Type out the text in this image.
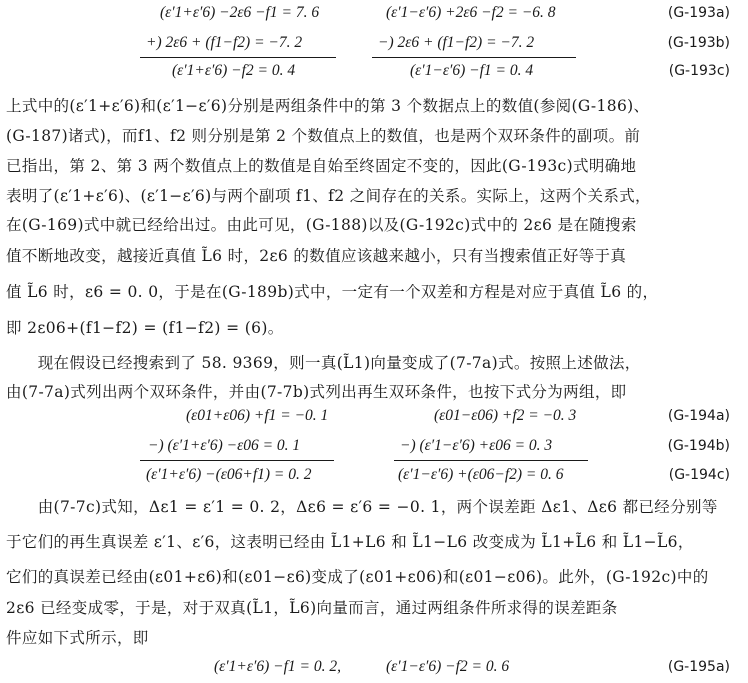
(ε′1+ε′6) −2ε6 −f1 = 7. 6	(ε′1−ε′6) +2ε6 −f2 = −6. 8	(G-193a)
+) 2ε6 + (f1−f2) = −7. 2	−) 2ε6 + (f1−f2) = −7. 2	(G-193b)
(ε′1+ε′6) −f2 = 0. 4	(ε′1−ε′6) −f1 = 0. 4	(G-193c)
上式中的(ε′1+ε′6)和(ε′1−ε′6)分别是两组条件中的第 3 个数据点上的数值(参阅(G-186)、
(G-187)诸式)，而f1、f2 则分别是第 2 个数值点上的数值，也是两个双环条件的副项。前
已指出，第 2、第 3 两个数值点上的数值是自始至终固定不变的，因此(G-193c)式明确地
表明了(ε′1+ε′6)、(ε′1−ε′6)与两个副项 f1、f2 之间存在的关系。实际上，这两个关系式，
在(G-169)式中就已经给出过。由此可见，(G-188)以及(G-192c)式中的 2ε6 是在随搜索
值不断地改变，越接近真值 L̃6 时，2ε6 的数值应该越来越小，只有当搜索值正好等于真
值 L̃6 时，ε6 = 0. 0，于是在(G-189b)式中，一定有一个双差和方程是对应于真值 L̃6 的，
即 2ε06+(f1−f2) = (f1−f2) = (6)。
　　现在假设已经搜索到了 58. 9369，则一真(L̃1)向量变成了(7-7a)式。按照上述做法，
由(7-7a)式列出两个双环条件，并由(7-7b)式列出再生双环条件，也按下式分为两组，即
(ε01+ε06) +f1 = −0. 1	(ε01−ε06) +f2 = −0. 3	(G-194a)
−) (ε′1+ε′6) −ε06 = 0. 1	−) (ε′1−ε′6) +ε06 = 0. 3	(G-194b)
(ε′1+ε′6) −(ε06+f1) = 0. 2	(ε′1−ε′6) +(ε06−f2) = 0. 6	(G-194c)
　　由(7-7c)式知，Δε1 = ε′1 = 0. 2，Δε6 = ε′6 = −0. 1，两个误差距 Δε1、Δε6 都已经分别等
于它们的再生真误差 ε′1、ε′6，这表明已经由 L̃1+L6 和 L̃1−L6 改变成为 L̃1+L̃6 和 L̃1−L̃6，
它们的真误差已经由(ε01+ε6)和(ε01−ε6)变成了(ε01+ε06)和(ε01−ε06)。此外，(G-192c)中的
2ε6 已经变成零，于是，对于双真(L̃1，L̃6)向量而言，通过两组条件所求得的误差距条
件应如下式所示，即
(ε′1+ε′6) −f1 = 0. 2,	(ε′1−ε′6) −f2 = 0. 6	(G-195a)
